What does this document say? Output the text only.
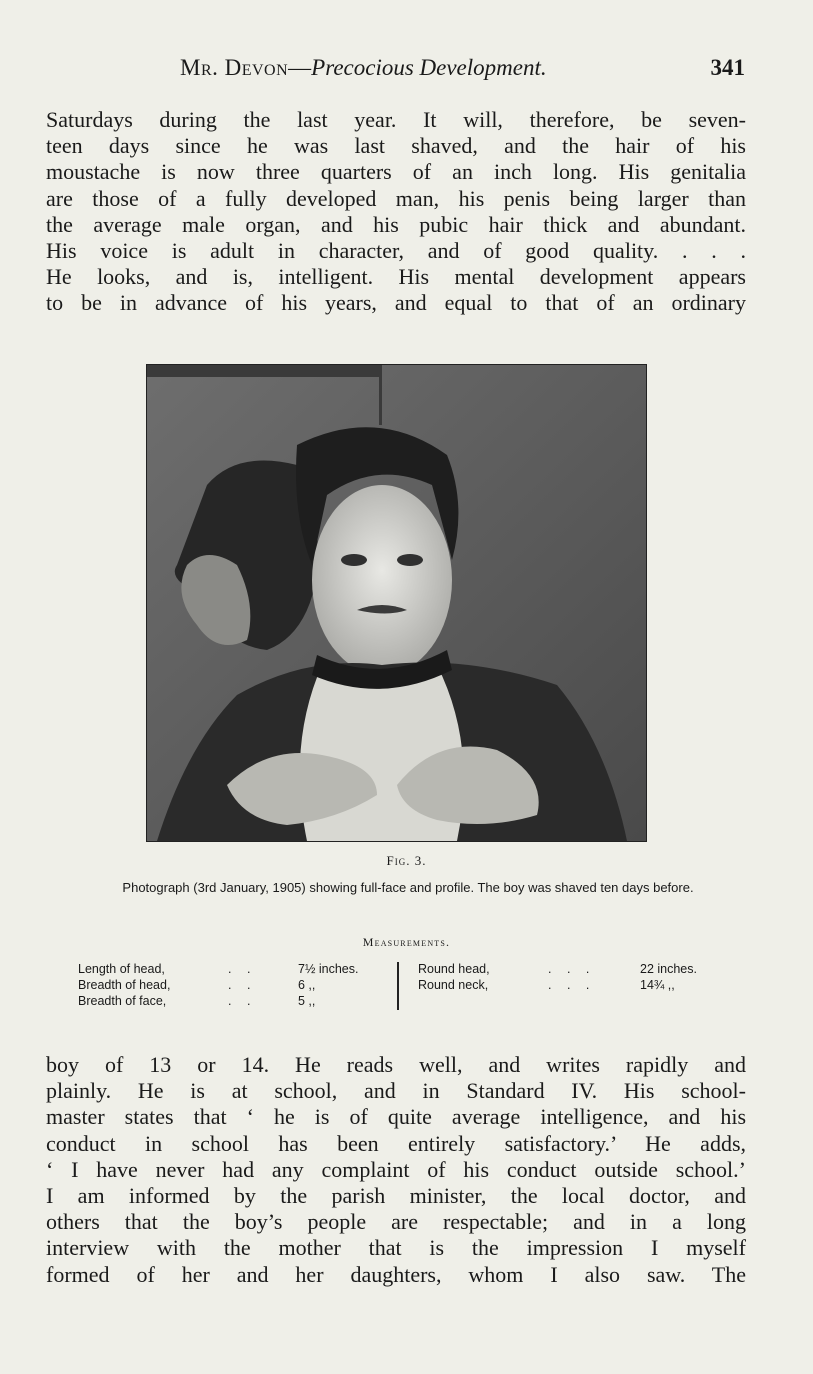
Mr. Devon—Precocious Development.	341
Saturdays during the last year. It will, therefore, be seven-
teen days since he was last shaved, and the hair of his
moustache is now three quarters of an inch long. His genitalia
are those of a fully developed man, his penis being larger than
the average male organ, and his pubic hair thick and abundant.
His voice is adult in character, and of good quality. . . .
He looks, and is, intelligent. His mental development appears
to be in advance of his years, and equal to that of an ordinary
Fig. 3.
Photograph (3rd January, 1905) showing full-face and profile. The boy was shaved ten days before.
Measurements.
Length of head,	. .	7½ inches.
Breadth of head,	. .	6 ,,
Breadth of face,	. .	5 ,,
Round head,	. . .	22 inches.
Round neck,	. . .	14¾ ,,
boy of 13 or 14. He reads well, and writes rapidly and
plainly. He is at school, and in Standard IV. His school-
master states that ‘ he is of quite average intelligence, and his
conduct in school has been entirely satisfactory.’ He adds,
‘ I have never had any complaint of his conduct outside school.’
I am informed by the parish minister, the local doctor, and
others that the boy’s people are respectable; and in a long
interview with the mother that is the impression I myself
formed of her and her daughters, whom I also saw. The
